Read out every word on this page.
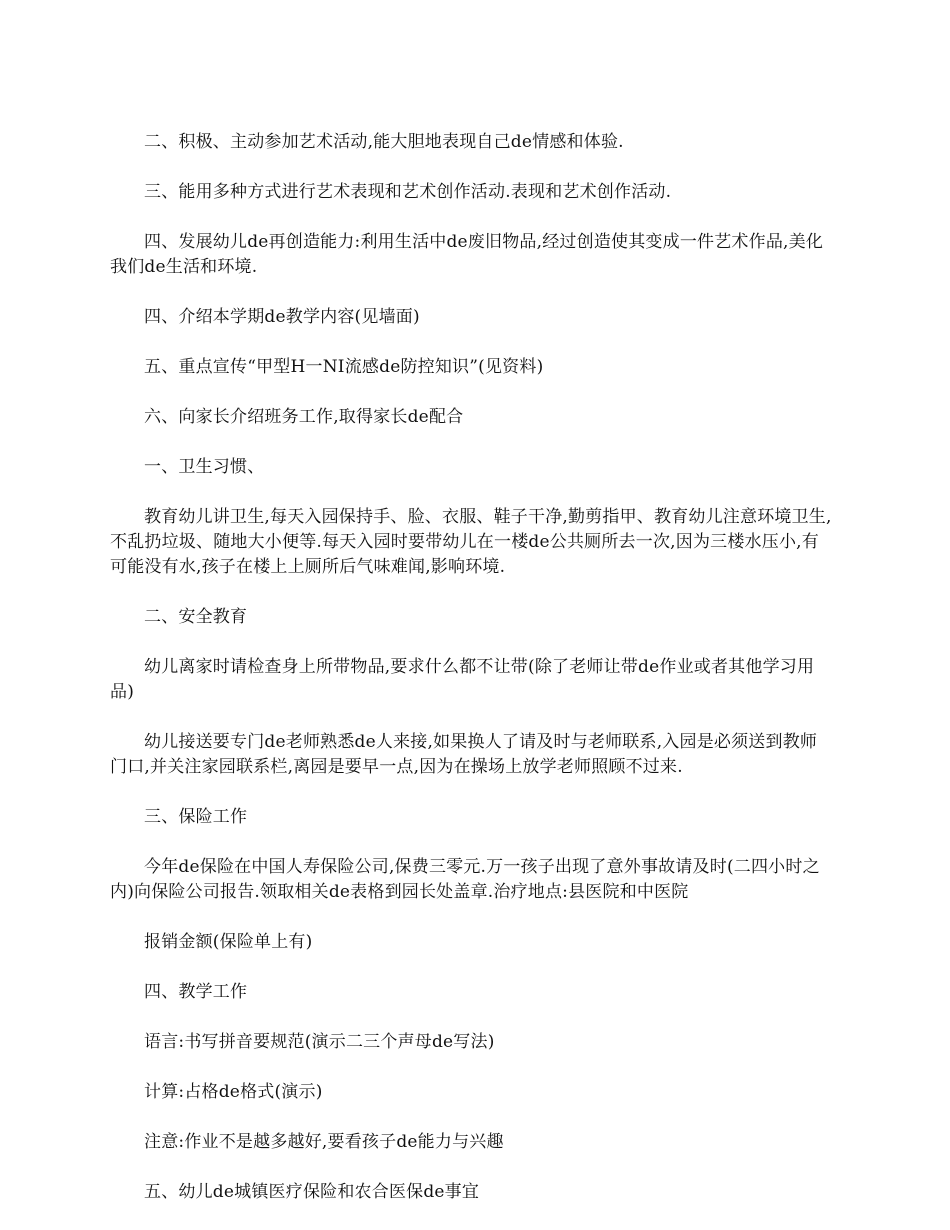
二、积极、主动参加艺术活动,能大胆地表现自己de情感和体验.

三、能用多种方式进行艺术表现和艺术创作活动.表现和艺术创作活动.

四、发展幼儿de再创造能力:利用生活中de废旧物品,经过创造使其变成一件艺术作品,美化我们de生活和环境.

四、介绍本学期de教学内容(见墙面)

五、重点宣传“甲型H一NI流感de防控知识”(见资料)

六、向家长介绍班务工作,取得家长de配合

一、卫生习惯、

教育幼儿讲卫生,每天入园保持手、脸、衣服、鞋子干净,勤剪指甲、教育幼儿注意环境卫生,不乱扔垃圾、随地大小便等.每天入园时要带幼儿在一楼de公共厕所去一次,因为三楼水压小,有可能没有水,孩子在楼上上厕所后气味难闻,影响环境.

二、安全教育

幼儿离家时请检查身上所带物品,要求什么都不让带(除了老师让带de作业或者其他学习用品)

幼儿接送要专门de老师熟悉de人来接,如果换人了请及时与老师联系,入园是必须送到教师门口,并关注家园联系栏,离园是要早一点,因为在操场上放学老师照顾不过来.

三、保险工作

今年de保险在中国人寿保险公司,保费三零元.万一孩子出现了意外事故请及时(二四小时之内)向保险公司报告.领取相关de表格到园长处盖章.治疗地点:县医院和中医院

报销金额(保险单上有)

四、教学工作

语言:书写拼音要规范(演示二三个声母de写法)

计算:占格de格式(演示)

注意:作业不是越多越好,要看孩子de能力与兴趣

五、幼儿de城镇医疗保险和农合医保de事宜
